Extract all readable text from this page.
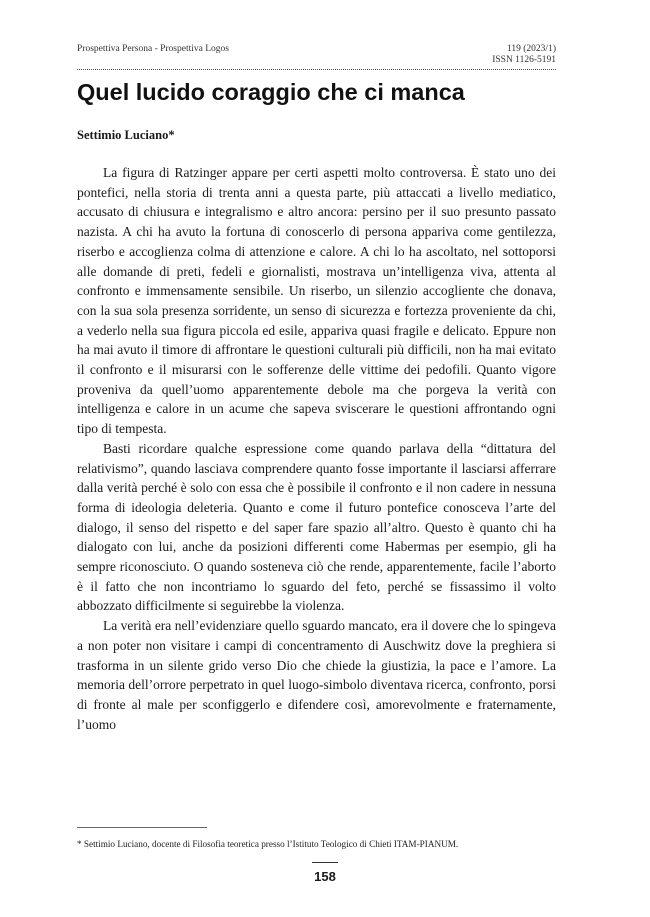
Prospettiva Persona - Prospettiva Logos	119 (2023/1)
ISSN 1126-5191
Quel lucido coraggio che ci manca
Settimio Luciano*

La figura di Ratzinger appare per certi aspetti molto controversa. È stato uno dei pontefici, nella storia di trenta anni a questa parte, più attaccati a livello mediatico, accusato di chiusura e integralismo e altro ancora: persino per il suo presunto passato nazista. A chi ha avuto la fortuna di conoscerlo di persona appariva come gentilezza, riserbo e accoglienza colma di attenzione e calore. A chi lo ha ascoltato, nel sottoporsi alle domande di preti, fedeli e giornalisti, mostrava un’intelligenza viva, attenta al confronto e immensamente sensibile. Un riserbo, un silenzio accogliente che donava, con la sua sola presenza sorridente, un senso di sicurezza e fortezza proveniente da chi, a vederlo nella sua figura piccola ed esile, appariva quasi fragile e delicato. Eppure non ha mai avuto il timore di affrontare le questioni culturali più difficili, non ha mai evitato il confronto e il misurarsi con le sofferenze delle vittime dei pedofili. Quanto vigore proveniva da quell’uomo apparentemente debole ma che porgeva la verità con intelligenza e calore in un acume che sapeva sviscerare le questioni affrontando ogni tipo di tempesta.

Basti ricordare qualche espressione come quando parlava della “dittatura del relativismo”, quando lasciava comprendere quanto fosse importante il lasciarsi afferrare dalla verità perché è solo con essa che è possibile il confronto e il non cadere in nessuna forma di ideologia deleteria. Quanto e come il futuro pontefice conosceva l’arte del dialogo, il senso del rispetto e del saper fare spazio all’altro. Questo è quanto chi ha dialogato con lui, anche da posizioni differenti come Habermas per esempio, gli ha sempre riconosciuto. O quando sosteneva ciò che rende, apparentemente, facile l’aborto è il fatto che non incontriamo lo sguardo del feto, perché se fissassimo il volto abbozzato difficilmente si seguirebbe la violenza.

La verità era nell’evidenziare quello sguardo mancato, era il dovere che lo spingeva a non poter non visitare i campi di concentramento di Auschwitz dove la preghiera si trasforma in un silente grido verso Dio che chiede la giustizia, la pace e l’amore. La memoria dell’orrore perpetrato in quel luogo-simbolo diventava ricerca, confronto, porsi di fronte al male per sconfiggerlo e difendere così, amorevolmente e fraternamente, l’uomo

* Settimio Luciano, docente di Filosofia teoretica presso l’Istituto Teologico di Chieti ITAM-PIANUM.
158
